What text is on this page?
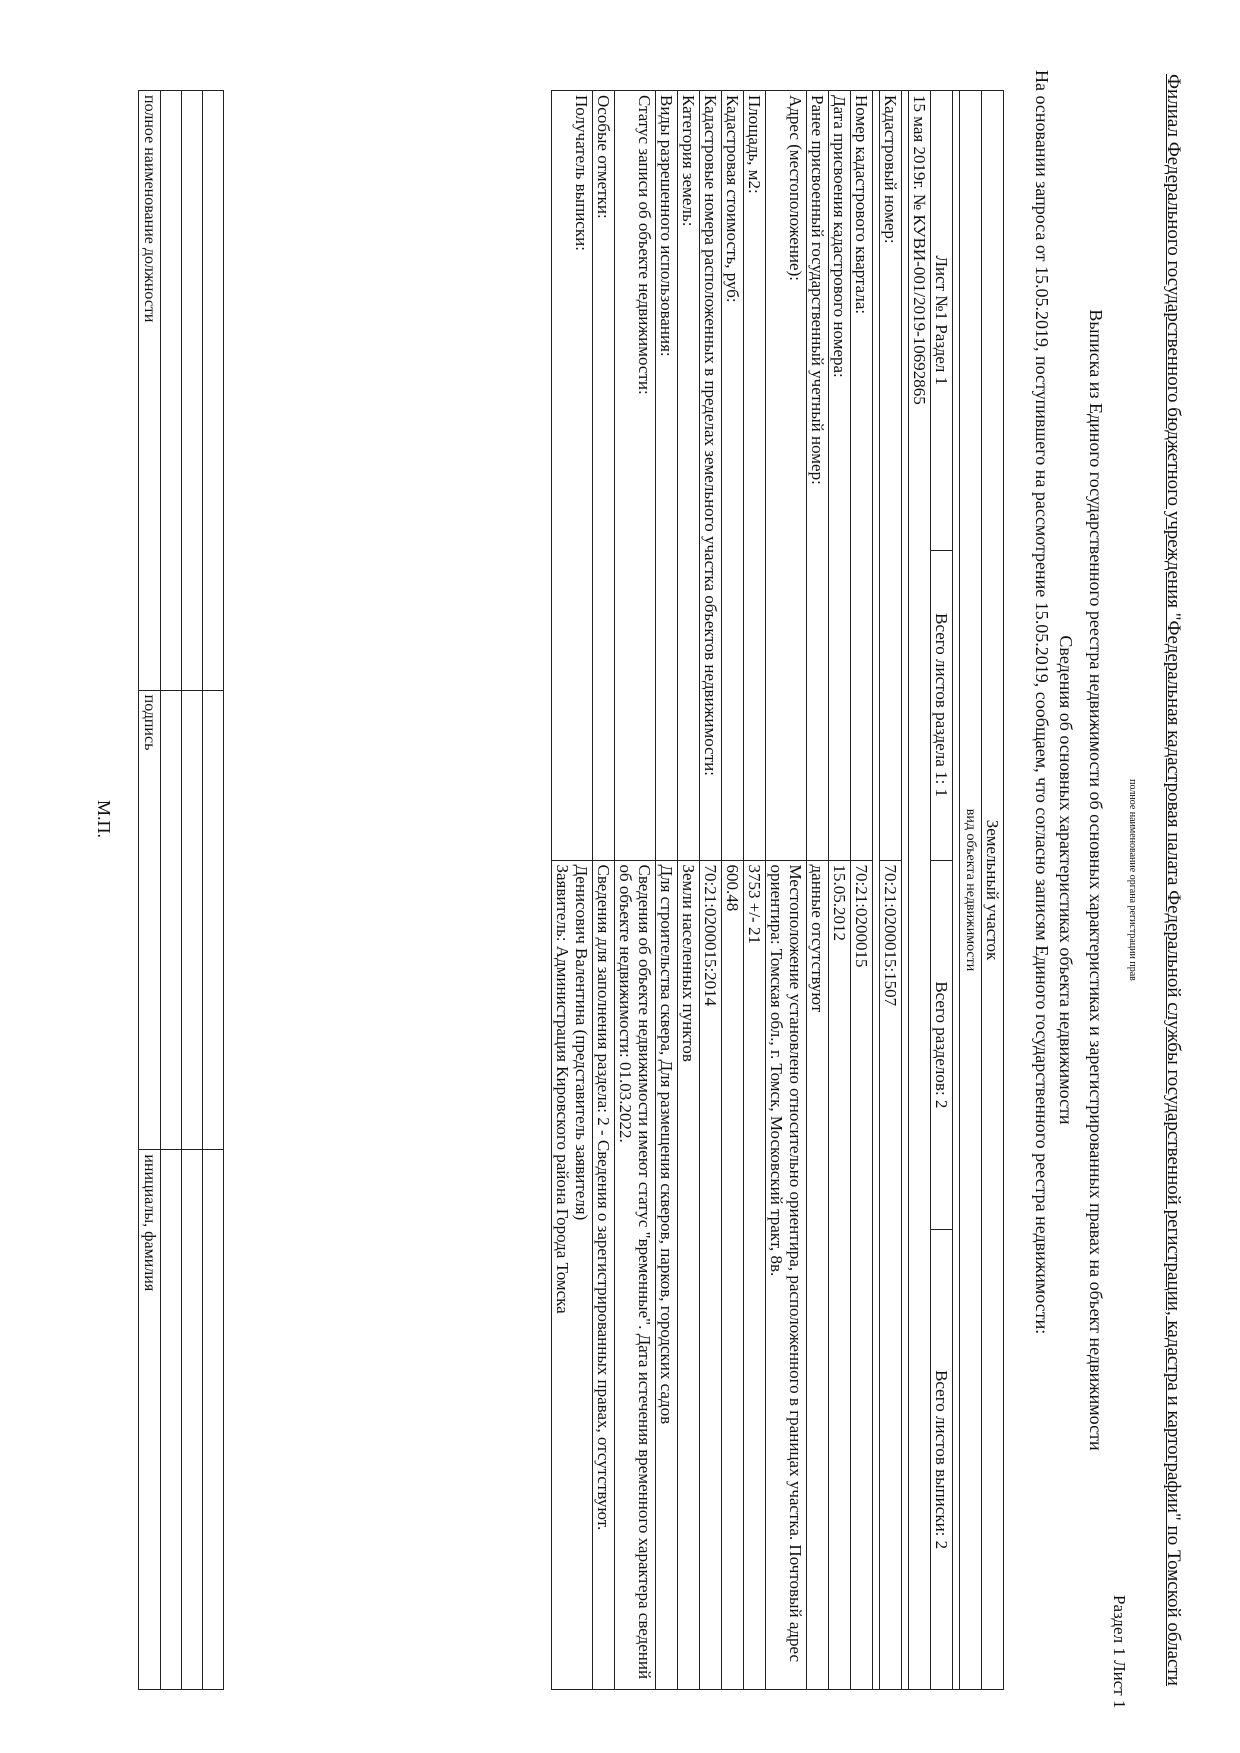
Филиал Федерального государственного бюджетного учреждения "Федеральная кадастровая палата Федеральной службы государственной регистрации, кадастра и картографии" по Томской области
полное наименование органа регистрации прав
Раздел 1 Лист 1
Выписка из Единого государственного реестра недвижимости об основных характеристиках и зарегистрированных правах на объект недвижимости
Сведения об основных характеристиках объекта недвижимости
На основании запроса от 15.05.2019, поступившего на рассмотрение 15.05.2019, сообщаем, что согласно записям Единого государственного реестра недвижимости:
Земельный участок			
вид объекта недвижимости			

Лист №1 Раздел 1	Всего листов раздела 1: 1	Всего разделов: 2	Всего листов выписки: 2
15 мая 2019г. № КУВИ-001/2019-10692865			

Кадастровый номер:		70:21:0200015:1507	

Номер кадастрового квартала:		70:21:0200015	
Дата присвоения кадастрового номера:		15.05.2012	
Ранее присвоенный государственный учетный номер:		данные отсутствуют	
Адрес (местоположение):		Местоположение установлено относительно ориентира, расположенного в границах участка. Почтовый адрес ориентира: Томская обл., г. Томск, Московский тракт, 8в.	
Площадь, м2:		3753 +/- 21	
Кадастровая стоимость, руб:		600.48	
Кадастровые номера расположенных в пределах земельного участка объектов недвижимости:		70:21:0200015:2014	
Категория земель:		Земли населенных пунктов	
Виды разрешенного использования:		Для строительства сквера, Для размещения скверов, парков, городских садов	
Статус записи об объекте недвижимости:		Сведения об объекте недвижимости имеют статус "временные". Дата истечения временного характера сведений об объекте недвижимости: 01.03.2022.	
Особые отметки:		Сведения для заполнения раздела: 2 - Сведения о зарегистрированных правах, отсутствуют.	
Получатель выписки:		Денисович Валентина (представитель заявителя)
Заявитель: Администрация Кировского района Города Томска	

полное наименование должности	подпись	инициалы, фамилия
М.П.
